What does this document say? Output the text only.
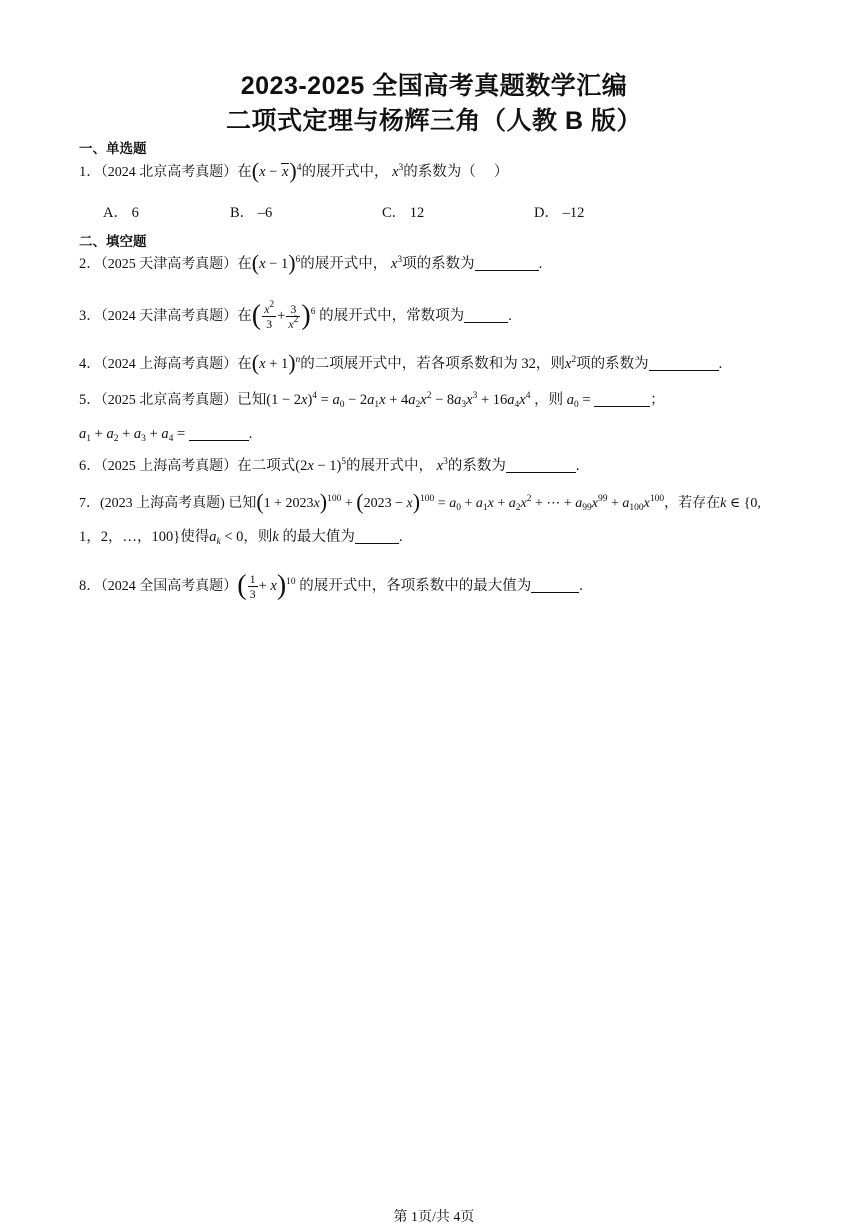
2023-2025 全国高考真题数学汇编
二项式定理与杨辉三角（人教 B 版）
一、单选题
1．（2024 北京高考真题）在$(x - x)^4$的展开式中， $x^3$的系数为（　 ）
A． 6	B． –6	C． 12	D． –12
二、填空题
2．（2025 天津高考真题）在$(x - 1)^6$的展开式中， $x^3$项的系数为	.
3．（2024 天津高考真题）在( $\frac{x^2}{3} + \frac{3}{x^2} )^6$ 的展开式中，常数项为	.
4．（2024 上海高考真题）在$(x + 1)^n$的二项展开式中，若各项系数和为 32，则$x^2$项的系数为	.
5．（2025 北京高考真题）已知$(1 - 2x)^4 = a_0 - 2a_1x + 4a_2x^2 - 8a_3x^3 + 16a_4x^4$ ，则 $a_0$ =	；
$a_1 + a_2 + a_3 + a_4$ =	.
6．（2025 上海高考真题）在二项式$(2x - 1)^5$的展开式中， $x^3$的系数为	.
7．(2023 上海高考真题) 已知$(1 + 2023x)^{100} + (2023 - x)^{100} = a_0 + a_1x + a_2x^2$ + ⋯ + $a_{99}x^{99} + a_{100}x^{100}$，若存在k ∈ {0,
1，2，…，100}使得$a_k < 0$，则k 的最大值为	.
8．（2024 全国高考真题）( $\frac{1}{3} + x)^{10}$ 的展开式中，各项系数中的最大值为	.
第 1页/共 4页
